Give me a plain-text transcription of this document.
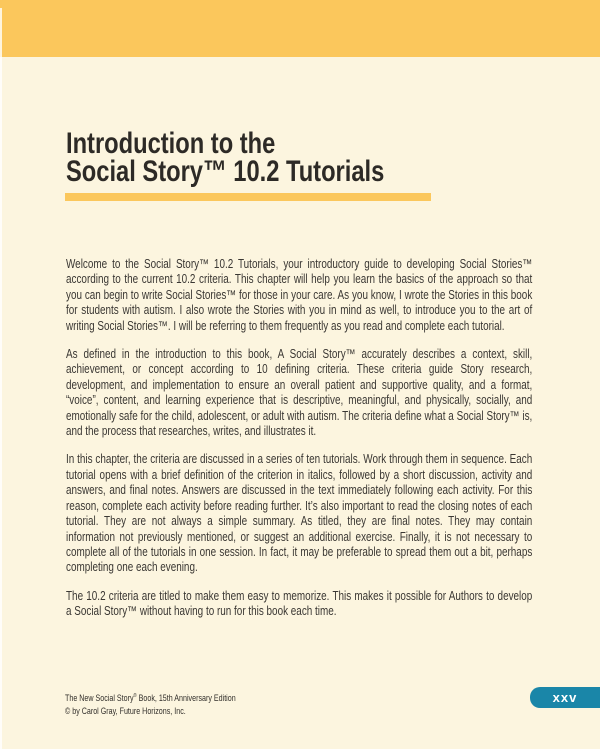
Introduction to the
Social Story™ 10.2 Tutorials

Welcome to the Social Story™ 10.2 Tutorials, your introductory guide to developing Social Stories™ according to the current 10.2 criteria. This chapter will help you learn the basics of the approach so that you can begin to write Social Stories™ for those in your care. As you know, I wrote the Stories in this book for students with autism. I also wrote the Stories with you in mind as well, to introduce you to the art of writing Social Stories™. I will be referring to them frequently as you read and complete each tutorial.

As defined in the introduction to this book, A Social Story™ accurately describes a context, skill, achievement, or concept according to 10 defining criteria. These criteria guide Story research, development, and implementation to ensure an overall patient and supportive quality, and a format, “voice”, content, and learning experience that is descriptive, meaningful, and physically, socially, and emotionally safe for the child, adolescent, or adult with autism. The criteria define what a Social Story™ is, and the process that researches, writes, and illustrates it.

In this chapter, the criteria are discussed in a series of ten tutorials. Work through them in sequence. Each tutorial opens with a brief definition of the criterion in italics, followed by a short discussion, activity and answers, and final notes. Answers are discussed in the text immediately following each activity. For this reason, complete each activity before reading further. It’s also important to read the closing notes of each tutorial. They are not always a simple summary. As titled, they are final notes. They may contain information not previously mentioned, or suggest an additional exercise. Finally, it is not necessary to complete all of the tutorials in one session. In fact, it may be preferable to spread them out a bit, perhaps completing one each evening.

The 10.2 criteria are titled to make them easy to memorize. This makes it possible for Authors to develop a Social Story™ without having to run for this book each time.

The New Social Story® Book, 15th Anniversary Edition
© by Carol Gray, Future Horizons, Inc.
xxv
